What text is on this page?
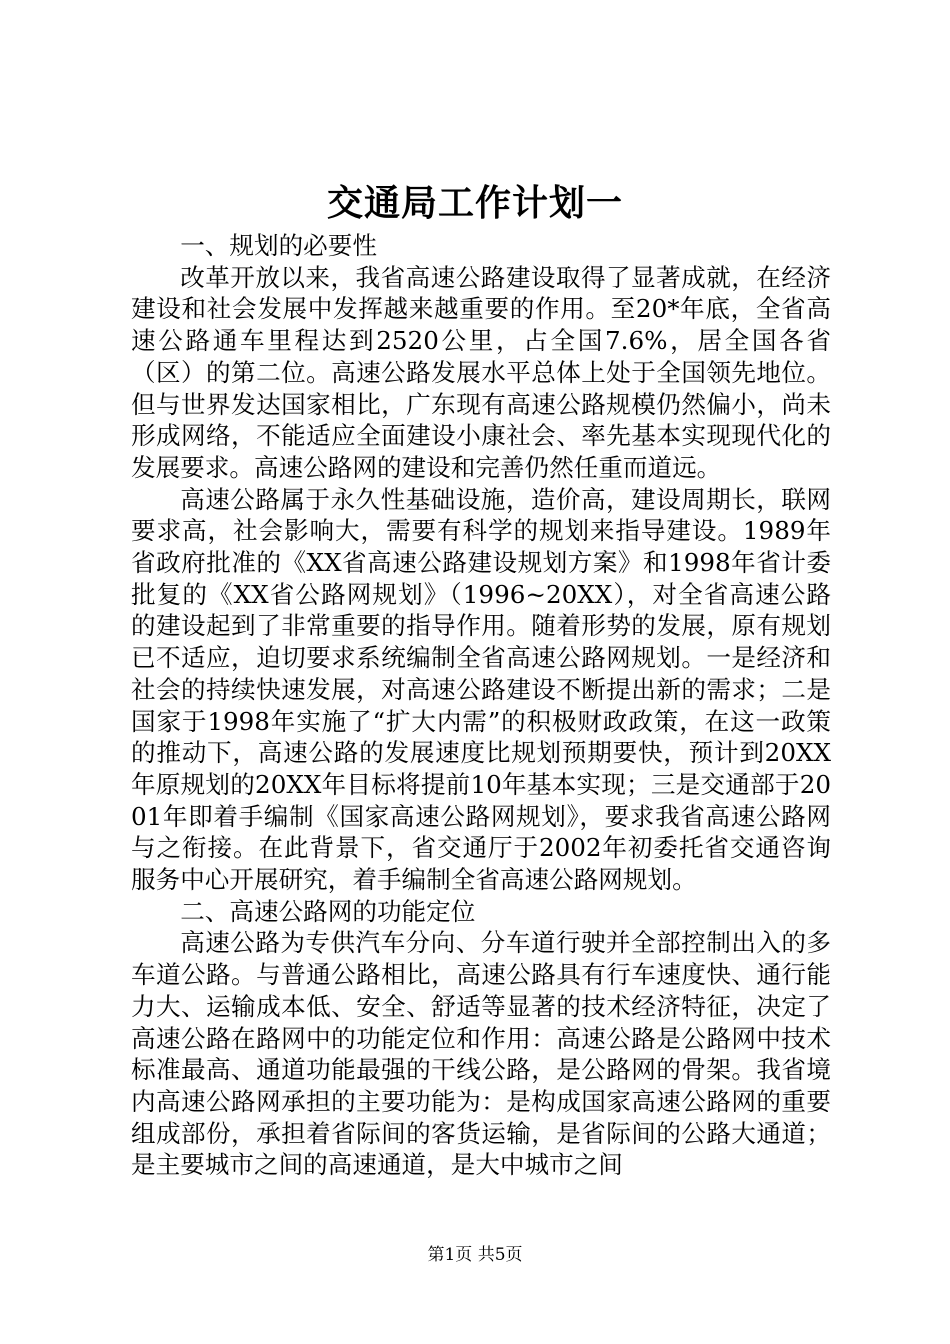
交通局工作计划一
一、规划的必要性

改革开放以来，我省高速公路建设取得了显著成就，在经济建设和社会发展中发挥越来越重要的作用。至20*年底，全省高速公路通车里程达到2520公里，占全国7.6%，居全国各省（区）的第二位。高速公路发展水平总体上处于全国领先地位。但与世界发达国家相比，广东现有高速公路规模仍然偏小，尚未形成网络，不能适应全面建设小康社会、率先基本实现现代化的发展要求。高速公路网的建设和完善仍然任重而道远。

高速公路属于永久性基础设施，造价高，建设周期长，联网要求高，社会影响大，需要有科学的规划来指导建设。1989年省政府批准的《XX省高速公路建设规划方案》和1998年省计委批复的《XX省公路网规划》（1996~20XX），对全省高速公路的建设起到了非常重要的指导作用。随着形势的发展，原有规划已不适应，迫切要求系统编制全省高速公路网规划。一是经济和社会的持续快速发展，对高速公路建设不断提出新的需求；二是国家于1998年实施了“扩大内需”的积极财政政策，在这一政策的推动下，高速公路的发展速度比规划预期要快，预计到20XX年原规划的20XX年目标将提前10年基本实现；三是交通部于2001年即着手编制《国家高速公路网规划》，要求我省高速公路网与之衔接。在此背景下，省交通厅于2002年初委托省交通咨询服务中心开展研究，着手编制全省高速公路网规划。

二、高速公路网的功能定位

高速公路为专供汽车分向、分车道行驶并全部控制出入的多车道公路。与普通公路相比，高速公路具有行车速度快、通行能力大、运输成本低、安全、舒适等显著的技术经济特征，决定了高速公路在路网中的功能定位和作用：高速公路是公路网中技术标准最高、通道功能最强的干线公路，是公路网的骨架。我省境内高速公路网承担的主要功能为：是构成国家高速公路网的重要组成部份，承担着省际间的客货运输，是省际间的公路大通道；是主要城市之间的高速通道，是大中城市之间

第1页 共5页
